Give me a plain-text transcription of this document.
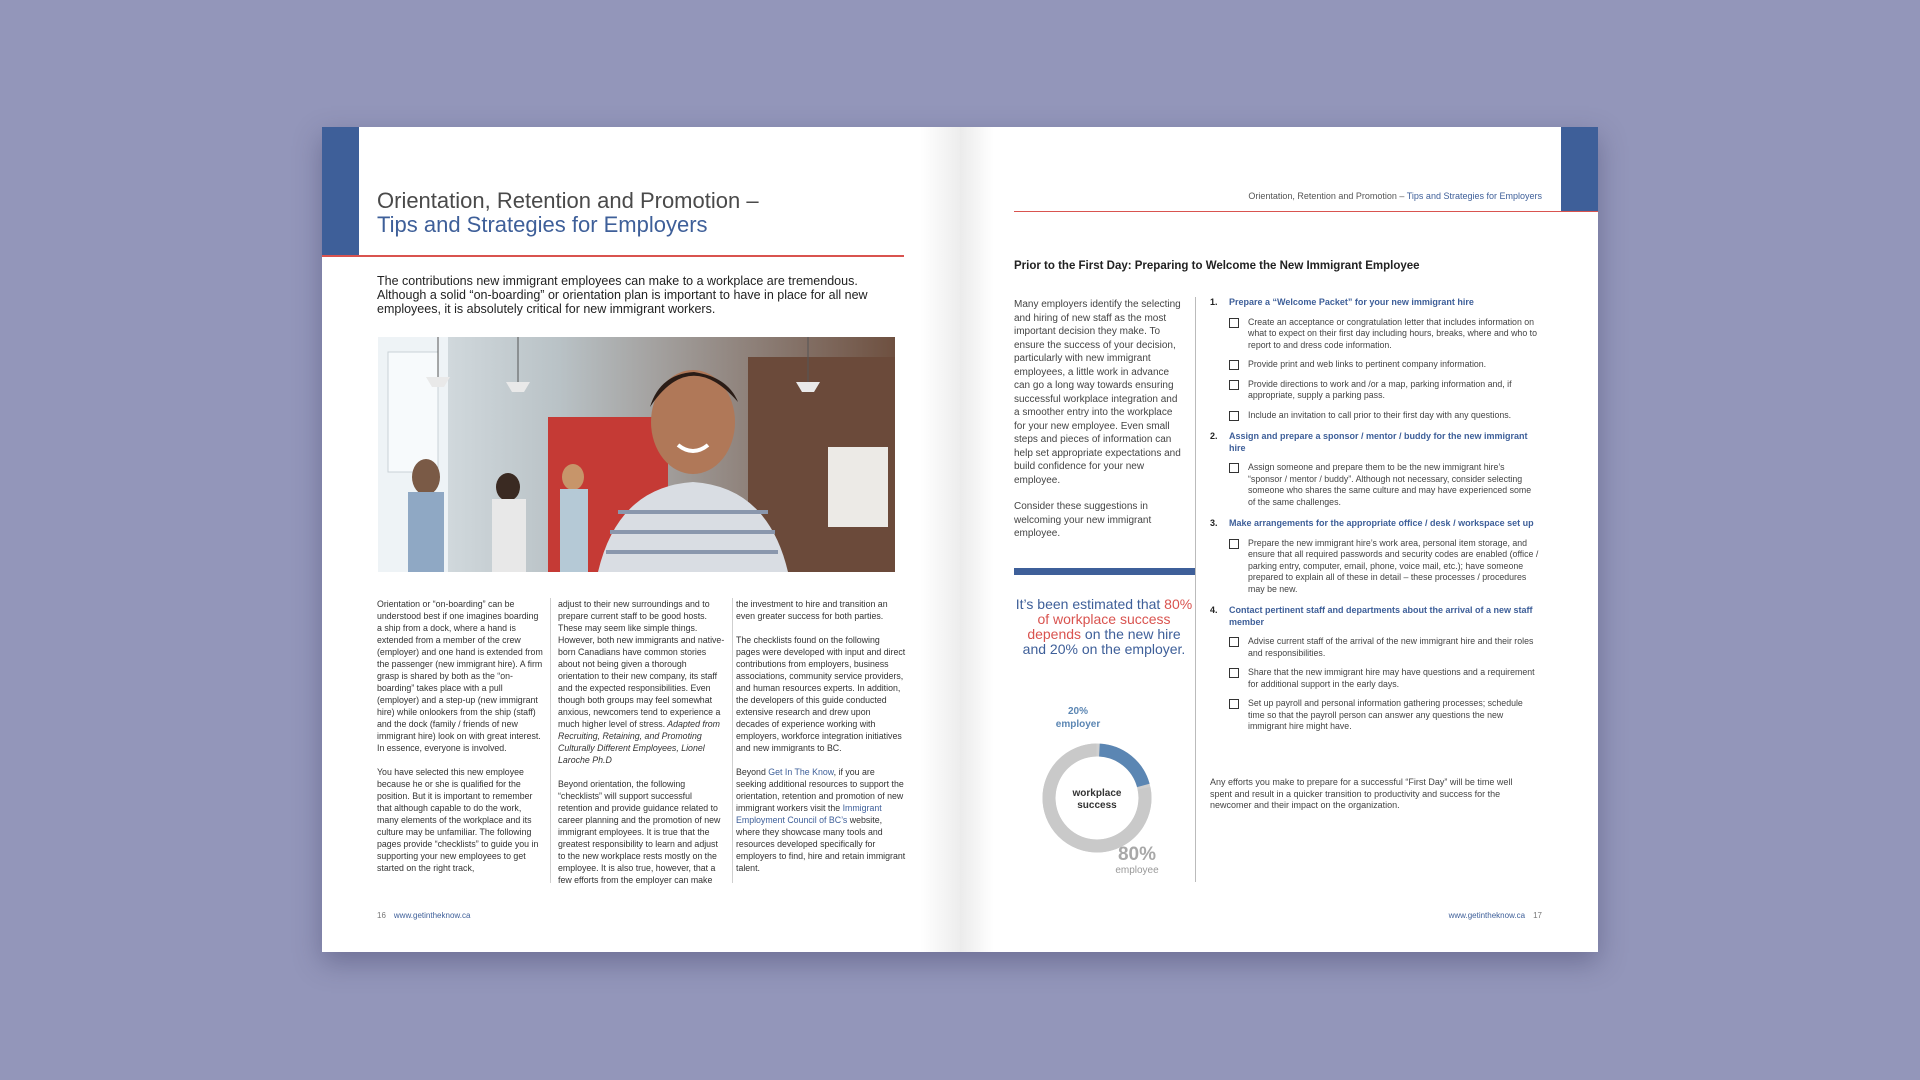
Orientation, Retention and Promotion –
Tips and Strategies for Employers
The contributions new immigrant employees can make to a workplace are tremendous. Although a solid “on-boarding” or orientation plan is important to have in place for all new employees, it is absolutely critical for new immigrant workers.

Orientation or “on-boarding” can be understood best if one imagines boarding a ship from a dock, where a hand is extended from a member of the crew (employer) and one hand is extended from the passenger (new immigrant hire). A firm grasp is shared by both as the “on-boarding” takes place with a pull (employer) and a step-up (new immigrant hire) while onlookers from the ship (staff) and the dock (family / friends of new immigrant hire) look on with great interest. In essence, everyone is involved.

You have selected this new employee because he or she is qualified for the position. But it is important to remember that although capable to do the work, many elements of the workplace and its culture may be unfamiliar. The following pages provide “checklists” to guide you in supporting your new employees to get started on the right track,

adjust to their new surroundings and to prepare current staff to be good hosts. These may seem like simple things. However, both new immigrants and native-born Canadians have common stories about not being given a thorough orientation to their new company, its staff and the expected responsibilities. Even though both groups may feel somewhat anxious, newcomers tend to experience a much higher level of stress. Adapted from Recruiting, Retaining, and Promoting Culturally Different Employees, Lionel Laroche Ph.D

Beyond orientation, the following “checklists” will support successful retention and provide guidance related to career planning and the promotion of new immigrant employees. It is true that the greatest responsibility to learn and adjust to the new workplace rests mostly on the employee. It is also true, however, that a few efforts from the employer can make

the investment to hire and transition an even greater success for both parties.

The checklists found on the following pages were developed with input and direct contributions from employers, business associations, community service providers, and human resources experts. In addition, the developers of this guide conducted extensive research and drew upon decades of experience working with employers, workforce integration initiatives and new immigrants to BC.

Beyond Get In The Know, if you are seeking additional resources to support the orientation, retention and promotion of new immigrant workers visit the Immigrant Employment Council of BC’s website, where they showcase many tools and resources developed specifically for employers to find, hire and retain immigrant talent.

16 www.getintheknow.ca
Orientation, Retention and Promotion – Tips and Strategies for Employers
Prior to the First Day: Preparing to Welcome the New Immigrant Employee

Many employers identify the selecting and hiring of new staff as the most important decision they make. To ensure the success of your decision, particularly with new immigrant employees, a little work in advance can go a long way towards ensuring successful workplace integration and a smoother entry into the workplace for your new employee. Even small steps and pieces of information can help set appropriate expectations and build confidence for your new employee.

Consider these suggestions in welcoming your new immigrant employee.

It’s been estimated that 80% of workplace success depends on the new hire and 20% on the employer.
workplace
success
20%
employer
80%
employee
1. Prepare a “Welcome Packet” for your new immigrant hire
Create an acceptance or congratulation letter that includes information on what to expect on their first day including hours, breaks, where and who to report to and dress code information.
Provide print and web links to pertinent company information.
Provide directions to work and /or a map, parking information and, if appropriate, supply a parking pass.
Include an invitation to call prior to their first day with any questions.
2. Assign and prepare a sponsor / mentor / buddy for the new immigrant hire
Assign someone and prepare them to be the new immigrant hire’s “sponsor / mentor / buddy”. Although not necessary, consider selecting someone who shares the same culture and may have experienced some of the same challenges.
3. Make arrangements for the appropriate office / desk / workspace set up
Prepare the new immigrant hire’s work area, personal item storage, and ensure that all required passwords and security codes are enabled (office / parking entry, computer, email, phone, voice mail, etc.); have someone prepared to explain all of these in detail – these processes / procedures may be new.
4. Contact pertinent staff and departments about the arrival of a new staff member
Advise current staff of the arrival of the new immigrant hire and their roles and responsibilities.
Share that the new immigrant hire may have questions and a requirement for additional support in the early days.
Set up payroll and personal information gathering processes; schedule time so that the payroll person can answer any questions the new immigrant hire might have.
Any efforts you make to prepare for a successful “First Day” will be time well spent and result in a quicker transition to productivity and success for the newcomer and their impact on the organization.
www.getintheknow.ca 17
